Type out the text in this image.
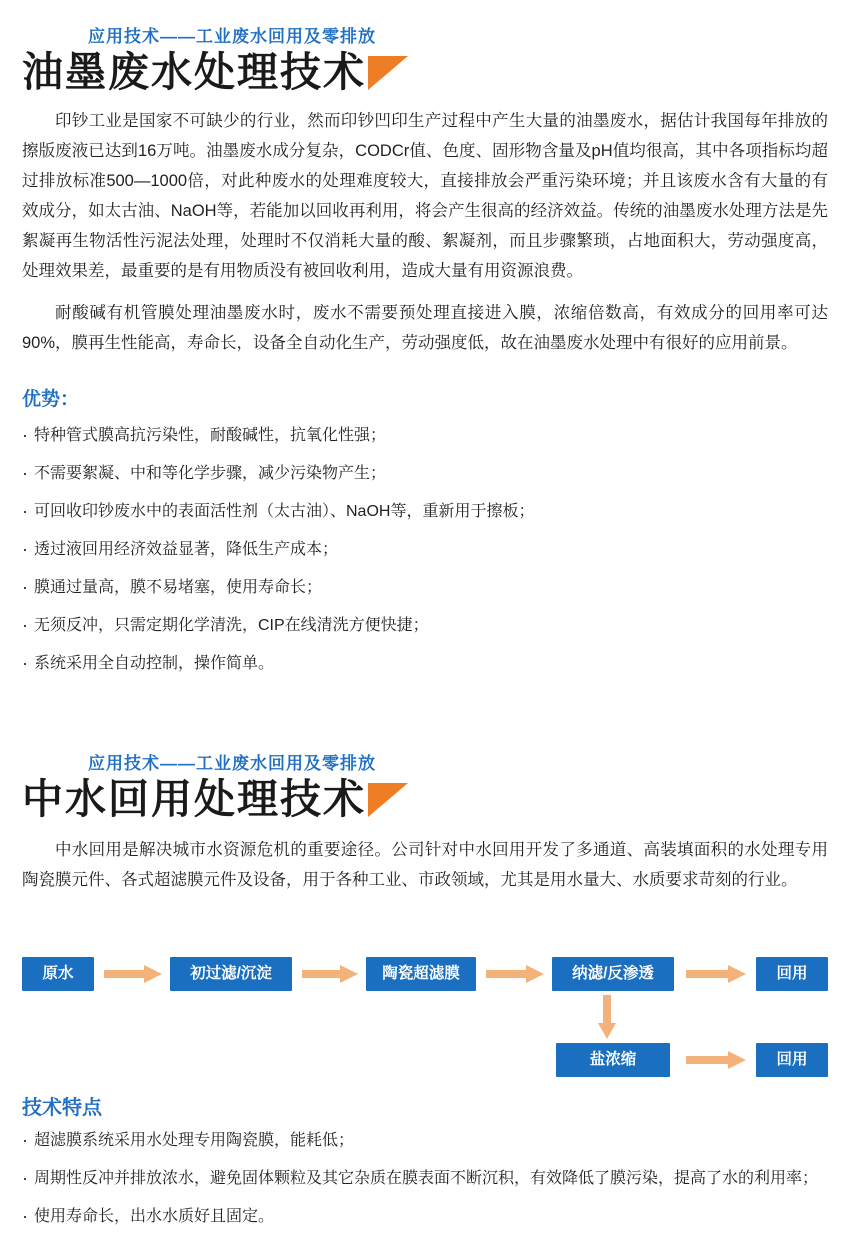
应用技术——工业废水回用及零排放
油墨废水处理技术

印钞工业是国家不可缺少的行业，然而印钞凹印生产过程中产生大量的油墨废水，据估计我国每年排放的擦版废液已达到16万吨。油墨废水成分复杂，CODCr值、色度、固形物含量及pH值均很高，其中各项指标均超过排放标准500—1000倍，对此种废水的处理难度较大，直接排放会严重污染环境；并且该废水含有大量的有效成分，如太古油、NaOH等，若能加以回收再利用，将会产生很高的经济效益。传统的油墨废水处理方法是先絮凝再生物活性污泥法处理，处理时不仅消耗大量的酸、絮凝剂，而且步骤繁琐，占地面积大，劳动强度高，处理效果差，最重要的是有用物质没有被回收利用，造成大量有用资源浪费。

耐酸碱有机管膜处理油墨废水时，废水不需要预处理直接进入膜，浓缩倍数高，有效成分的回用率可达90%，膜再生性能高，寿命长，设备全自动化生产，劳动强度低，故在油墨废水处理中有很好的应用前景。

优势：
· 特种管式膜高抗污染性，耐酸碱性，抗氧化性强；
· 不需要絮凝、中和等化学步骤，减少污染物产生；
· 可回收印钞废水中的表面活性剂（太古油）、NaOH等，重新用于擦板；
· 透过液回用经济效益显著，降低生产成本；
· 膜通过量高，膜不易堵塞，使用寿命长；
· 无须反冲，只需定期化学清洗，CIP在线清洗方便快捷；
· 系统采用全自动控制，操作简单。
应用技术——工业废水回用及零排放
中水回用处理技术

中水回用是解决城市水资源危机的重要途径。公司针对中水回用开发了多通道、高装填面积的水处理专用陶瓷膜元件、各式超滤膜元件及设备，用于各种工业、市政领域，尤其是用水量大、水质要求苛刻的行业。

原水	初过滤/沉淀	陶瓷超滤膜	纳滤/反渗透	回用
盐浓缩	回用
技术特点
· 超滤膜系统采用水处理专用陶瓷膜，能耗低；
· 周期性反冲并排放浓水，避免固体颗粒及其它杂质在膜表面不断沉积，有效降低了膜污染，提高了水的利用率；
· 使用寿命长，出水水质好且固定。
